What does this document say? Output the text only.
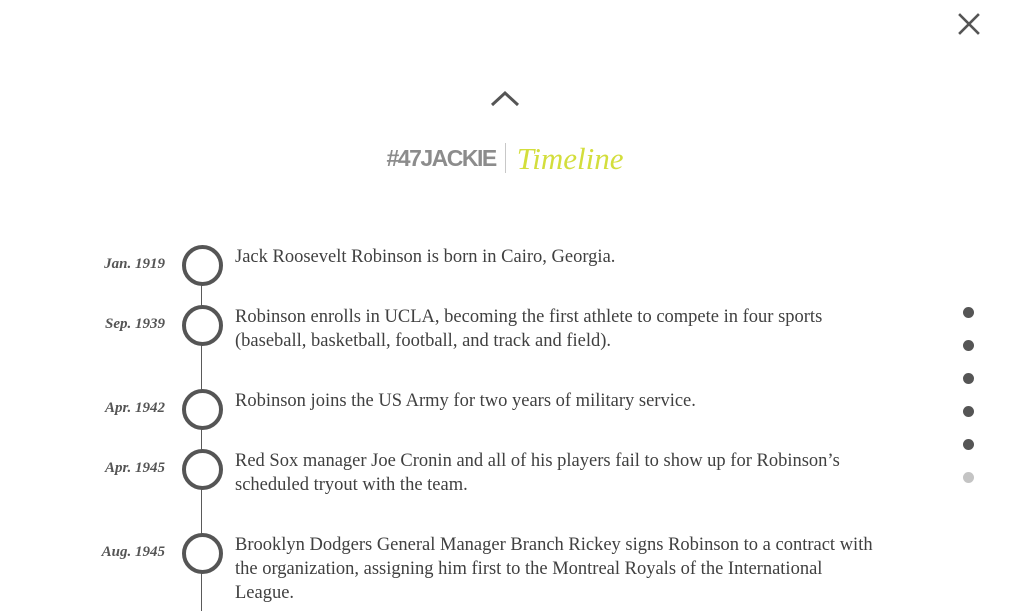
#47JACKIE Timeline
Jan. 1919	Jack Roosevelt Robinson is born in Cairo, Georgia.
Sep. 1939	Robinson enrolls in UCLA, becoming the first athlete to compete in four sports (baseball, basketball, football, and track and field).
Apr. 1942	Robinson joins the US Army for two years of military service.
Apr. 1945	Red Sox manager Joe Cronin and all of his players fail to show up for Robinson’s scheduled tryout with the team.
Aug. 1945	Brooklyn Dodgers General Manager Branch Rickey signs Robinson to a contract with the organization, assigning him first to the Montreal Royals of the International League.
